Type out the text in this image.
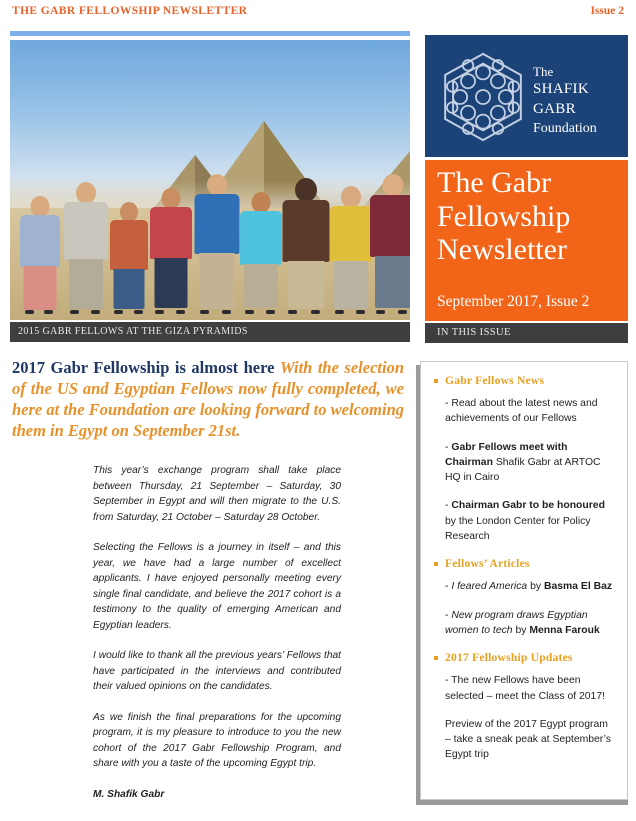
THE GABR FELLOWSHIP NEWSLETTER	Issue 2
2015 GABR FELLOWS AT THE GIZA PYRAMIDS
The
SHAFIK GABR
Foundation
The Gabr
Fellowship
Newsletter
September 2017, Issue 2
IN THIS ISSUE
2017 Gabr Fellowship is almost here With the selection of the US and Egyptian Fellows now fully completed, we here at the Foundation are looking forward to welcoming them in Egypt on September 21st.

This year’s exchange program shall take place between Thursday, 21 September – Saturday, 30 September in Egypt and will then migrate to the U.S. from Saturday, 21 October – Saturday 28 October.

Selecting the Fellows is a journey in itself – and this year, we have had a large number of excellect applicants. I have enjoyed personally meeting every single final candidate, and believe the 2017 cohort is a testimony to the quality of emerging American and Egyptian leaders.

I would like to thank all the previous years’ Fellows that have participated in the interviews and contributed their valued opinions on the candidates.

As we finish the final preparations for the upcoming program, it is my pleasure to introduce to you the new cohort of the 2017 Gabr Fellowship Program, and share with you a taste of the upcoming Egypt trip.

M. Shafik Gabr

Gabr Fellows News
- Read about the latest news and achievements of our Fellows
- Gabr Fellows meet with Chairman Shafik Gabr at ARTOC HQ in Cairo
- Chairman Gabr to be honoured by the London Center for Policy Research
Fellows’ Articles
- I feared America by Basma El Baz
- New program draws Egyptian women to tech by Menna Farouk
2017 Fellowship Updates
- The new Fellows have been selected – meet the Class of 2017!
Preview of the 2017 Egypt program – take a sneak peak at September’s Egypt trip
